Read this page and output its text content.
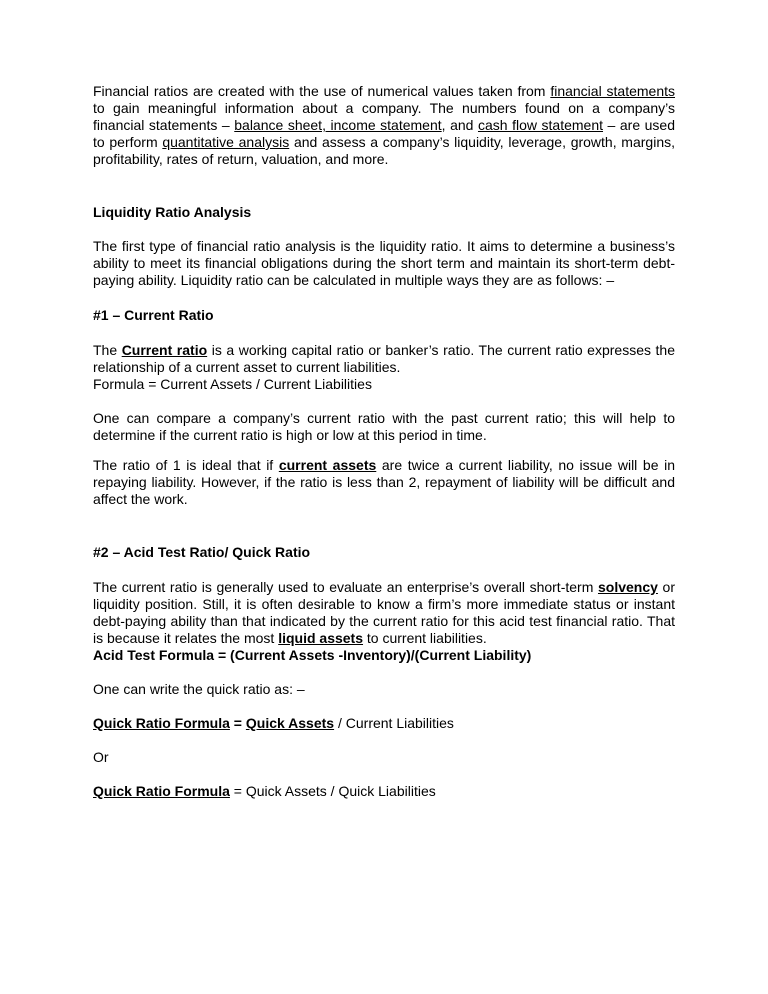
Financial ratios are created with the use of numerical values taken from financial statements to gain meaningful information about a company. The numbers found on a company’s financial statements – balance sheet, income statement, and cash flow statement – are used to perform quantitative analysis and assess a company’s liquidity, leverage, growth, margins, profitability, rates of return, valuation, and more.

Liquidity Ratio Analysis

The first type of financial ratio analysis is the liquidity ratio. It aims to determine a business’s ability to meet its financial obligations during the short term and maintain its short-term debt-paying ability. Liquidity ratio can be calculated in multiple ways they are as follows: –

#1 – Current Ratio

The Current ratio is a working capital ratio or banker’s ratio. The current ratio expresses the relationship of a current asset to current liabilities.

Formula = Current Assets / Current Liabilities

One can compare a company’s current ratio with the past current ratio; this will help to determine if the current ratio is high or low at this period in time.

The ratio of 1 is ideal that if current assets are twice a current liability, no issue will be in repaying liability. However, if the ratio is less than 2, repayment of liability will be difficult and affect the work.

#2 – Acid Test Ratio/ Quick Ratio

The current ratio is generally used to evaluate an enterprise’s overall short-term solvency or liquidity position. Still, it is often desirable to know a firm’s more immediate status or instant debt-paying ability than that indicated by the current ratio for this acid test financial ratio. That is because it relates the most liquid assets to current liabilities.

Acid Test Formula = (Current Assets -Inventory)/(Current Liability)

One can write the quick ratio as: –

Quick Ratio Formula = Quick Assets / Current Liabilities

Or

Quick Ratio Formula = Quick Assets / Quick Liabilities
